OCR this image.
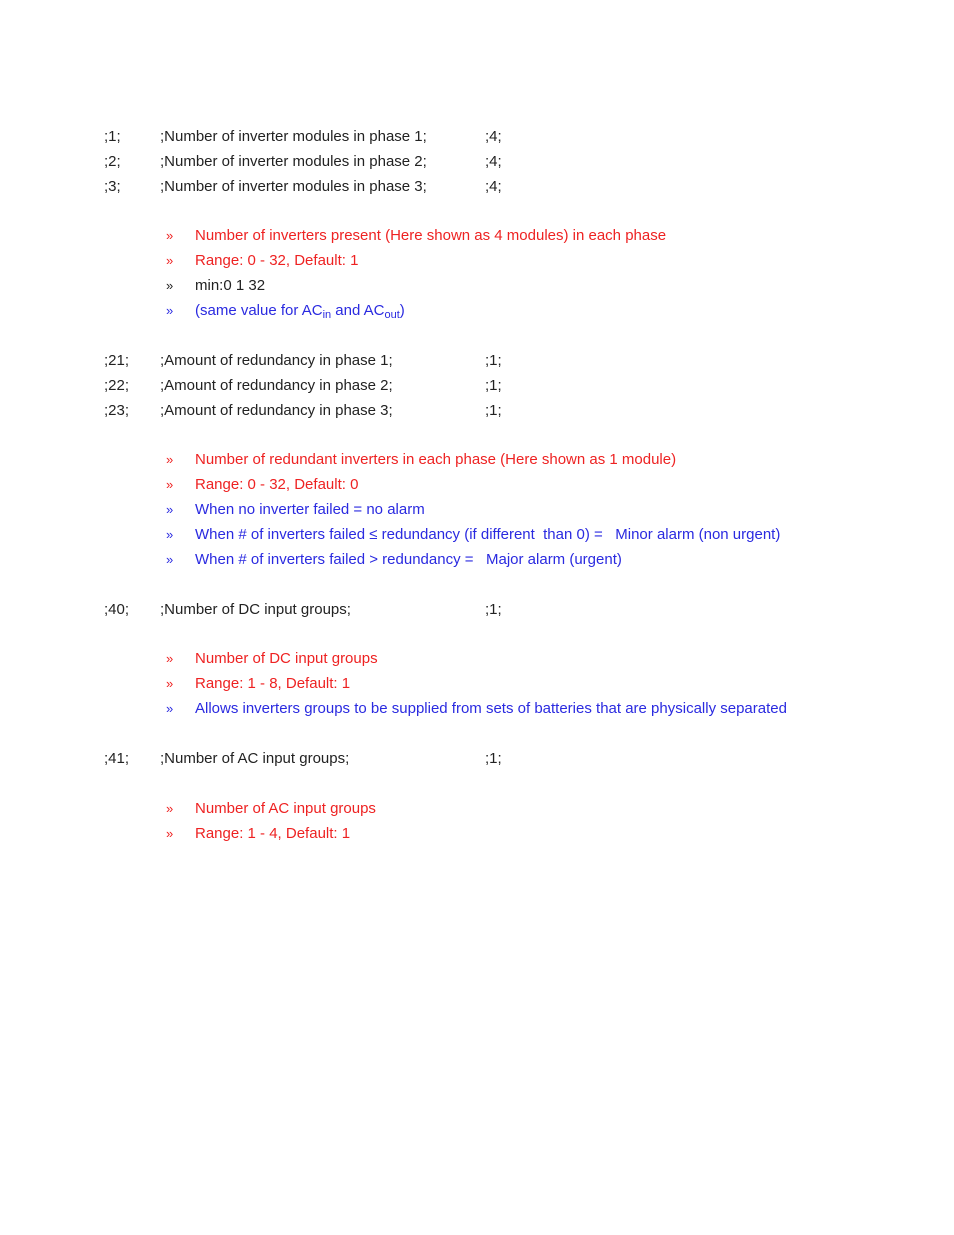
;1;	;Number of inverter modules in phase 1;	;4;
;2;	;Number of inverter modules in phase 2;	;4;
;3;	;Number of inverter modules in phase 3;	;4;
» Number of inverters present (Here shown as 4 modules) in each phase
» Range: 0 - 32, Default: 1
» min:0 1 32
» (same value for $AC_{in}$ and $AC_{out}$)
;21; ;Amount of redundancy in phase 1;	;1;
;22; ;Amount of redundancy in phase 2;	;1;
;23; ;Amount of redundancy in phase 3;	;1;
» Number of redundant inverters in each phase (Here shown as 1 module)
» Range: 0 - 32, Default: 0
» When no inverter failed = no alarm
» When # of inverters failed ≤ redundancy (if different  than 0) =   Minor alarm (non urgent)
» When # of inverters failed > redundancy =   Major alarm (urgent)
;40; ;Number of DC input groups;	;1;
» Number of DC input groups
» Range: 1 - 8, Default: 1
» Allows inverters groups to be supplied from sets of batteries that are physically separated
;41; ;Number of AC input groups;	;1;
» Number of AC input groups
» Range: 1 - 4, Default: 1
